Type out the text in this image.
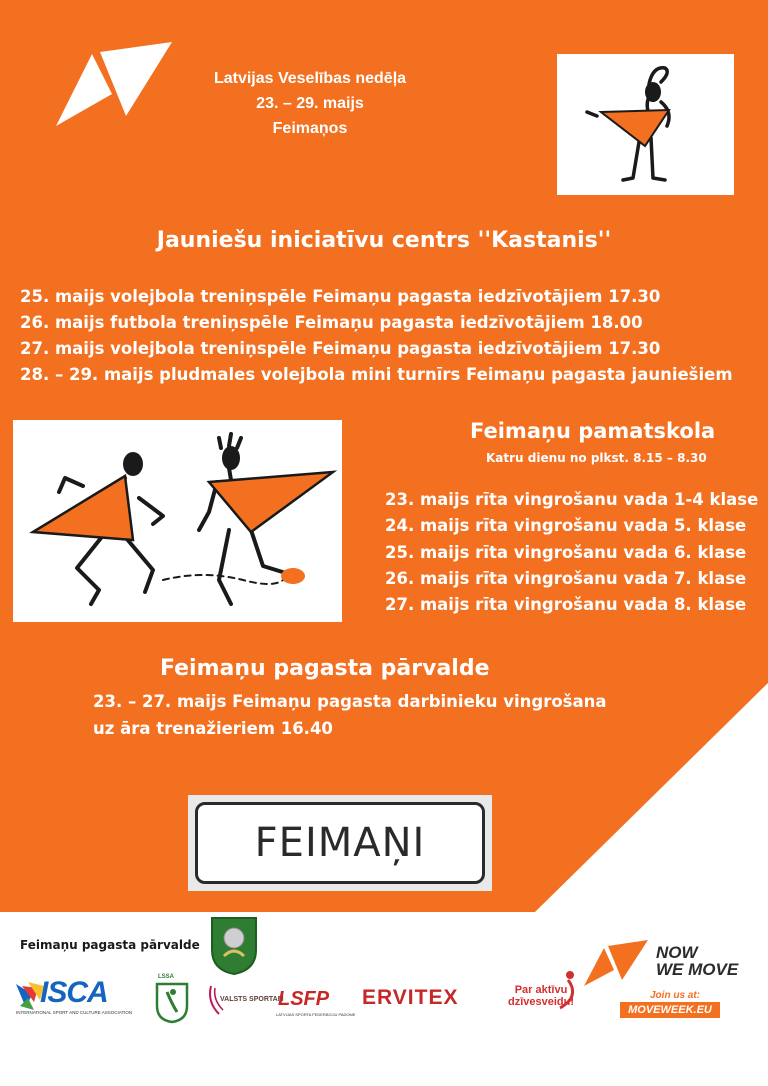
Latvijas Veselības nedēļa
23. – 29. maijs
Feimaņos
Jauniešu iniciatīvu centrs ''Kastanis''
25. maijs volejbola treniņspēle Feimaņu pagasta iedzīvotājiem 17.30
26. maijs futbola treniņspēle Feimaņu pagasta iedzīvotājiem 18.00
27. maijs volejbola treniņspēle Feimaņu pagasta iedzīvotājiem 17.30
28. – 29. maijs pludmales volejbola mini turnīrs Feimaņu pagasta jauniešiem
Feimaņu pamatskola
Katru dienu no plkst. 8.15 – 8.30
23. maijs rīta vingrošanu vada 1-4 klase
24. maijs rīta vingrošanu vada 5. klase
25. maijs rīta vingrošanu vada 6. klase
26. maijs rīta vingrošanu vada 7. klase
27. maijs rīta vingrošanu vada 8. klase
Feimaņu pagasta pārvalde
23. – 27. maijs Feimaņu pagasta darbinieku vingrošana
uz āra trenažieriem 16.40
FEIMAŅI
Feimaņu pagasta pārvalde
ISCA
INTERNATIONAL SPORT AND CULTURE ASSOCIATION
LSSA
VALSTS SPORTAM
LSFP
LATVIJAS SPORTA FEDERĀCIJU PADOME
ERVITEX	Par aktīvu
dzīvesveidu!
NOW
WE MOVE
Join us at:
MOVEWEEK.EU
